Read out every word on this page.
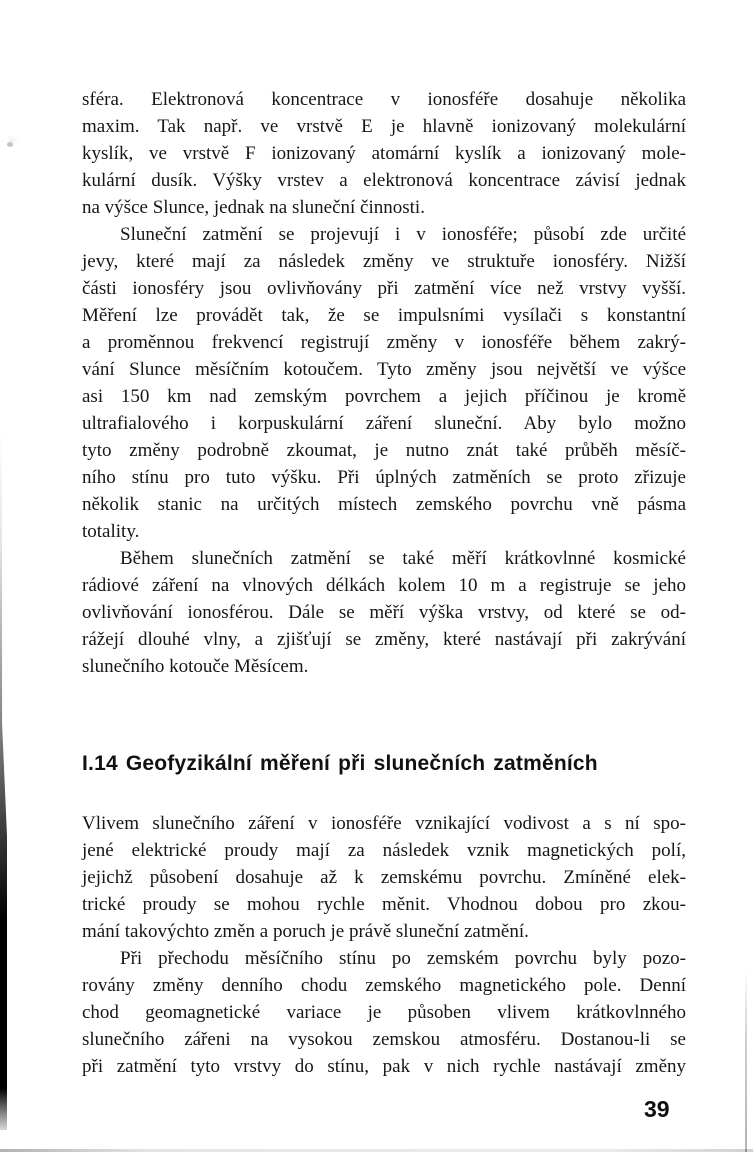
sféra. Elektronová koncentrace v ionosféře dosahuje několika
maxim. Tak např. ve vrstvě E je hlavně ionizovaný molekulární
kyslík, ve vrstvě F ionizovaný atomární kyslík a ionizovaný mole-
kulární dusík. Výšky vrstev a elektronová koncentrace závisí jednak
na výšce Slunce, jednak na sluneční činnosti.
Sluneční zatmění se projevují i v ionosféře; působí zde určité
jevy, které mají za následek změny ve struktuře ionosféry. Nižší
části ionosféry jsou ovlivňovány při zatmění více než vrstvy vyšší.
Měření lze provádět tak, že se impulsními vysílači s konstantní
a proměnnou frekvencí registrují změny v ionosféře během zakrý-
vání Slunce měsíčním kotoučem. Tyto změny jsou největší ve výšce
asi 150 km nad zemským povrchem a jejich příčinou je kromě
ultrafialového i korpuskulární záření sluneční. Aby bylo možno
tyto změny podrobně zkoumat, je nutno znát také průběh měsíč-
ního stínu pro tuto výšku. Při úplných zatměních se proto zřizuje
několik stanic na určitých místech zemského povrchu vně pásma
totality.
Během slunečních zatmění se také měří krátkovlnné kosmické
rádiové záření na vlnových délkách kolem 10 m a registruje se jeho
ovlivňování ionosférou. Dále se měří výška vrstvy, od které se od-
rážejí dlouhé vlny, a zjišťují se změny, které nastávají při zakrývání
slunečního kotouče Měsícem.
I.14 Geofyzikální měření při slunečních zatměních
Vlivem slunečního záření v ionosféře vznikající vodivost a s ní spo-
jené elektrické proudy mají za následek vznik magnetických polí,
jejichž působení dosahuje až k zemskému povrchu. Zmíněné elek-
trické proudy se mohou rychle měnit. Vhodnou dobou pro zkou-
mání takovýchto změn a poruch je právě sluneční zatmění.
Při přechodu měsíčního stínu po zemském povrchu byly pozo-
rovány změny denního chodu zemského magnetického pole. Denní
chod geomagnetické variace je působen vlivem krátkovlnného
slunečního zářeni na vysokou zemskou atmosféru. Dostanou-li se
při zatmění tyto vrstvy do stínu, pak v nich rychle nastávají změny
39
